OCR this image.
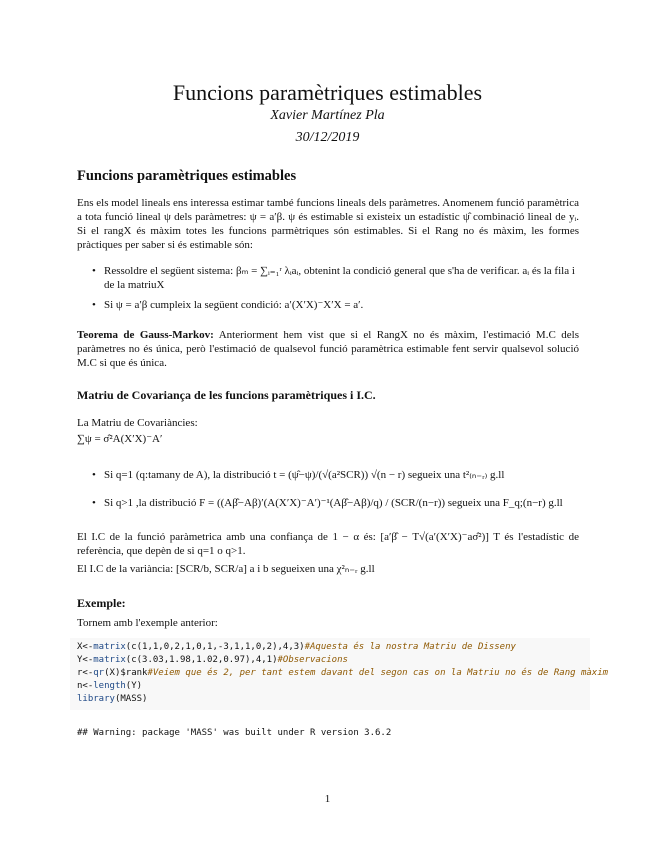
Funcions paramètriques estimables
Xavier Martínez Pla
30/12/2019
Funcions paramètriques estimables
Ens els model lineals ens interessa estimar també funcions lineals dels paràmetres. Anomenem funció paramètrica a tota funció lineal ψ dels paràmetres: ψ = a′β. ψ és estimable si existeix un estadístic ψ̂ combinació lineal de yᵢ. Si el rangX és màxim totes les funcions parmètriques són estimables. Si el Rang no és màxim, les formes pràctiques per saber si és estimable són:
• Ressoldre el següent sistema: βₘ = ∑ᵢ₌₁ʳ λᵢaᵢ, obtenint la condició general que s'ha de verificar. aᵢ és la fila i de la matriuX
• Si ψ = a′β cumpleix la següent condició: a′(X′X)⁻X′X = a′.
Teorema de Gauss-Markov: Anteriorment hem vist que si el RangX no és màxim, l'estimació M.C dels paràmetres no és única, però l'estimació de qualsevol funció paramètrica estimable fent servir qualsevol solució M.C si que és única.
Matriu de Covariança de les funcions paramètriques i I.C.
La Matriu de Covariàncies:
∑ψ = σ̂²A(X′X)⁻A′
• Si q=1 (q:tamany de A), la distribució t = (ψ̂−ψ)/(√(a²SCR)) √(n − r) segueix una t²₍ₙ₋ᵣ₎ g.ll
• Si q>1 ,la distribució F = ((Aβ̂−Aβ)′(A(X′X)⁻A′)⁻¹(Aβ̂−Aβ)/q) / (SCR/(n−r)) segueix una F_q;(n−r) g.ll
El I.C de la funció paràmetrica amb una confiança de 1 − α és: [a′β̂ − T√(a′(X′X)⁻aσ̂²)] T és l'estadístic de referència, que depèn de si q=1 o q>1.
El I.C de la variància: [SCR/b, SCR/a] a i b segueixen una χ²ₙ₋ᵣ g.ll
Exemple:
Tornem amb l'exemple anterior:
X<-matrix(c(1,1,0,2,1,0,1,-3,1,1,0,2),4,3)#Aquesta és la nostra Matriu de Disseny
Y<-matrix(c(3.03,1.98,1.02,0.97),4,1)#Observacions
r<-qr(X)$rank#Veiem que és 2, per tant estem davant del segon cas on la Matriu no és de Rang màxim
n<-length(Y)
library(MASS)
## Warning: package 'MASS' was built under R version 3.6.2
1
